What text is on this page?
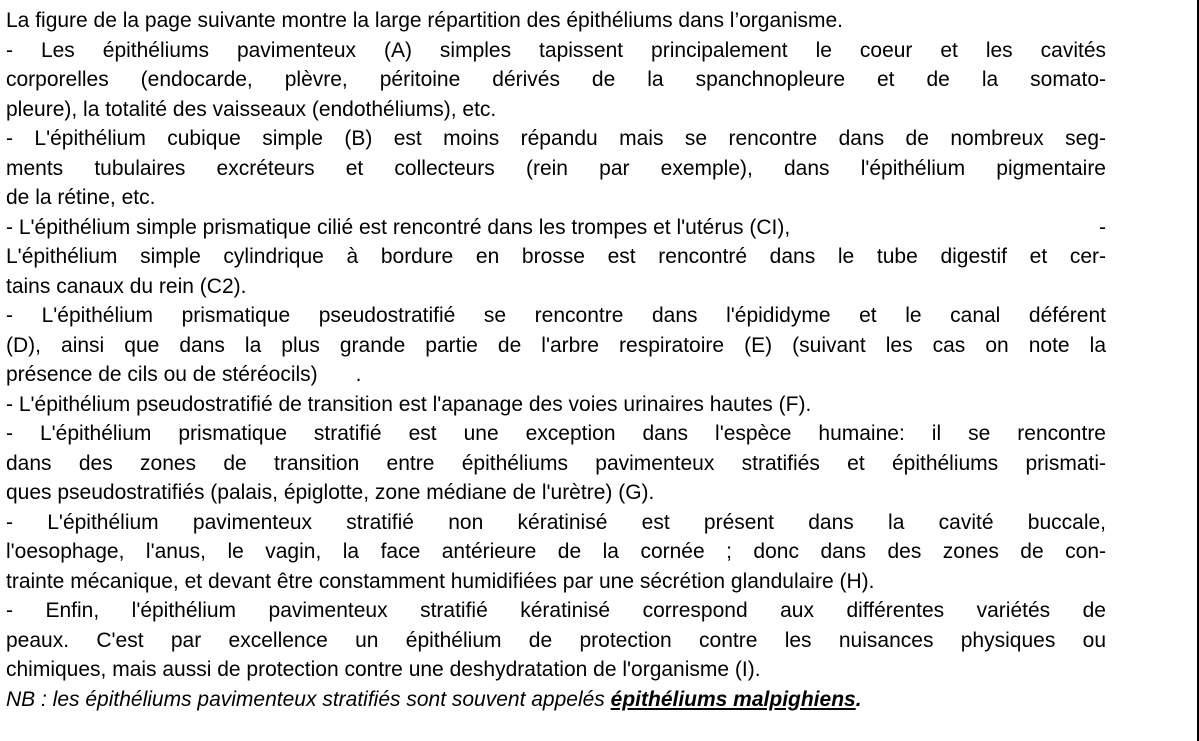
La figure de la page suivante montre la large répartition des épithéliums dans l’organisme.
- Les épithéliums pavimenteux (A) simples tapissent principalement le coeur et les cavités
corporelles (endocarde, plèvre, péritoine dérivés de la spanchnopleure et de la somato-
pleure), la totalité des vaisseaux (endothéliums), etc.
- L'épithélium cubique simple (B) est moins répandu mais se rencontre dans de nombreux seg-
ments tubulaires excréteurs et collecteurs (rein par exemple), dans l'épithélium pigmentaire
de la rétine, etc.
- L'épithélium simple prismatique cilié est rencontré dans les trompes et l'utérus (CI),	-
L'épithélium simple cylindrique à bordure en brosse est rencontré dans le tube digestif et cer-
tains canaux du rein (C2).
- L'épithélium prismatique pseudostratifié se rencontre dans l'épididyme et le canal déférent
(D), ainsi que dans la plus grande partie de l'arbre respiratoire (E) (suivant les cas on note la
présence de cils ou de stéréocils) .
- L'épithélium pseudostratifié de transition est l'apanage des voies urinaires hautes (F).
- L'épithélium prismatique stratifié est une exception dans l'espèce humaine: il se rencontre
dans des zones de transition entre épithéliums pavimenteux stratifiés et épithéliums prismati-
ques pseudostratifiés (palais, épiglotte, zone médiane de l'urètre) (G).
- L'épithélium pavimenteux stratifié non kératinisé est présent dans la cavité buccale,
l'oesophage, l'anus, le vagin, la face antérieure de la cornée ; donc dans des zones de con-
trainte mécanique, et devant être constamment humidifiées par une sécrétion glandulaire (H).
- Enfin, l'épithélium pavimenteux stratifié kératinisé correspond aux différentes variétés de
peaux. C'est par excellence un épithélium de protection contre les nuisances physiques ou
chimiques, mais aussi de protection contre une deshydratation de l'organisme (I).
NB : les épithéliums pavimenteux stratifiés sont souvent appelés épithéliums malpighiens.
